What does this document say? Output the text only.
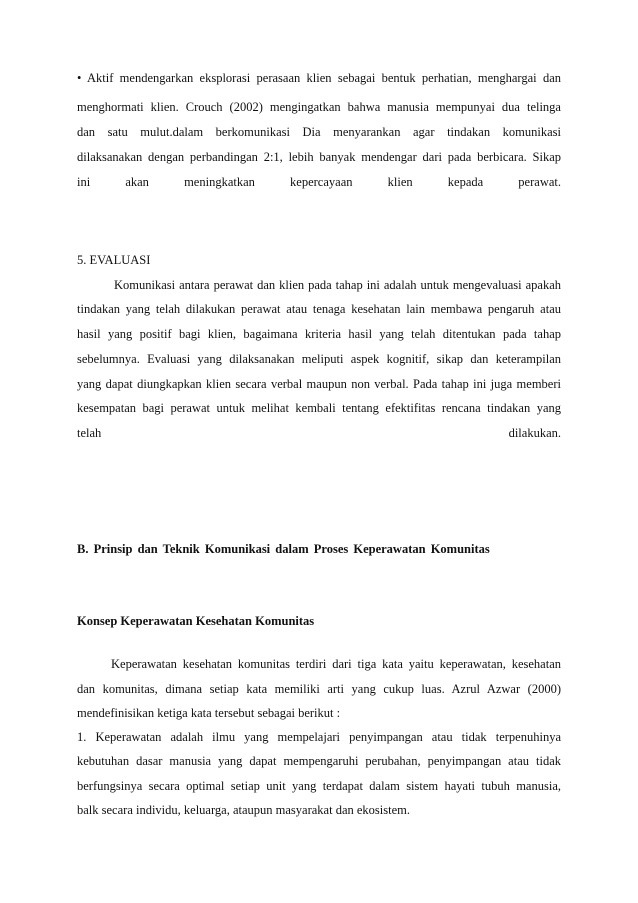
• Aktif mendengarkan eksplorasi perasaan klien sebagai bentuk perhatian, menghargai dan
menghormati klien. Crouch (2002) mengingatkan bahwa manusia mempunyai dua telinga
dan satu mulut.dalam berkomunikasi Dia menyarankan agar tindakan komunikasi
dilaksanakan dengan perbandingan 2:1, lebih banyak mendengar dari pada berbicara. Sikap
ini akan meningkatkan kepercayaan klien kepada perawat.
5. EVALUASI
Komunikasi antara perawat dan klien pada tahap ini adalah untuk mengevaluasi apakah
tindakan yang telah dilakukan perawat atau tenaga kesehatan lain membawa pengaruh atau
hasil yang positif bagi klien, bagaimana kriteria hasil yang telah ditentukan pada tahap
sebelumnya. Evaluasi yang dilaksanakan meliputi aspek kognitif, sikap dan keterampilan
yang dapat diungkapkan klien secara verbal maupun non verbal. Pada tahap ini juga memberi
kesempatan bagi perawat untuk melihat kembali tentang efektifitas rencana tindakan yang
telah	dilakukan.
B. Prinsip dan Teknik Komunikasi dalam Proses Keperawatan Komunitas
Konsep Keperawatan Kesehatan Komunitas
Keperawatan kesehatan komunitas terdiri dari tiga kata yaitu keperawatan, kesehatan
dan komunitas, dimana setiap kata memiliki arti yang cukup luas. Azrul Azwar (2000)
mendefinisikan ketiga kata tersebut sebagai berikut :
1. Keperawatan adalah ilmu yang mempelajari penyimpangan atau tidak terpenuhinya
kebutuhan dasar manusia yang dapat mempengaruhi perubahan, penyimpangan atau tidak
berfungsinya secara optimal setiap unit yang terdapat dalam sistem hayati tubuh manusia,
balk secara individu, keluarga, ataupun masyarakat dan ekosistem.
